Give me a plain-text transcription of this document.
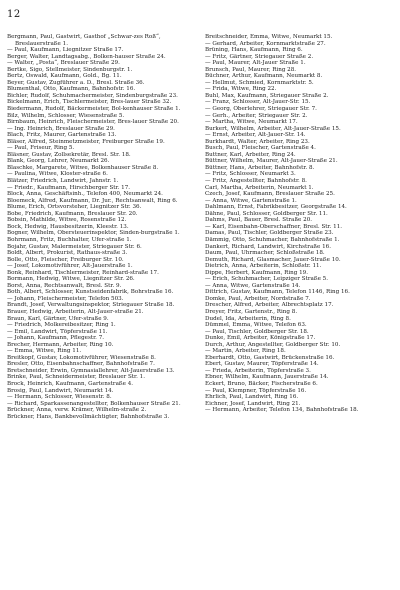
12
Bergmann, Paul, Gastwirt, Gasthof „Schwar-zes Roß“, Breslauerstraße 1.
— Paul, Kaufmann, Liegnitzer Straße 17.
Berger, Walter, Landtagsabg., Bolken-hauser Straße 24.
— Walter, „Posta“, Breslauer Straße 29.
Bertke, Sigo, Stellmeister, Sindenburgstr. 1.
Bertz, Oswald, Kaufmann, Gold., Bg. 11.
Beyer, Gustav, Zugführer a. D., Bresl. Straße 36.
Blumenthal, Otto, Kaufmann, Bahnhofstr. 16.
Bichler, Rudolf, Schuhmachermeister, Sindenburgstraße 23.
Bickelmann, Erich, Tischlermeister, Bres-lauer Straße 32.
Biedermann, Rudolf, Bäckermeister, Bol-kenhauser Straße 1.
Bilz, Wilhelm, Schlosser, Wiesenstraße 5.
Birnbaum, Heinrich, Fleischermeister, Bres-lauer Straße 20.
— Ing. Heinrich, Breslauer Straße 29.
Blach, Fritz, Maurer, Gartenstraße 13.
Bläser, Alfred, Steinmetzmeister, Freiburger Straße 19.
— Paul, Friseur, Ring 5.
Bläsner, Gustav, Zollsekretär, Bresl. Str. 18.
Blank, Georg, Lehrer, Neumarkt 26.
Blaschke, Margarete, Witwe, Bolkenhauser Straße 8.
— Paulina, Witwe, Kloster-straße 6.
Blätzer, Friedrich, Landwirt, Jahnstr. 1.
— Friedr., Kaufmann, Hirschberger Str. 17.
Block, Anna, Geschäftsinh., Telefon 400, Neumarkt 24.
Bloemeck, Alfred, Kaufmann, Dr. Jur., Rechtsanwalt, Ring 6.
Blume, Erich, Ortsvorsteher, Liegnitzer Str. 36.
Bobe, Friedrich, Kaufmann, Breslauer Str. 20.
Bobsin, Mathilde, Witwe, Rosenstraße 12.
Bock, Hedwig, Hausbesitzerin, Kleestr. 13.
Bogner, Wilhelm, Obersteuerinspektor, Sinden-burgstraße 1.
Bohrmann, Fritz, Buchhalter, Ufer-straße 1.
Bojahr, Gustav, Malermeister, Striegauer Str. 6.
Boldt, Albert, Prokurist, Rathaus-straße 3.
Bolle, Otto, Fleischer, Freiburger Str. 10.
— Josef, Lokomotivführer, Alt-Jauerstraße 1.
Bonk, Reinhard, Tischlermeister, Reinhard-straße 17.
Bormann, Hedwig, Witwe, Liegnitzer Str. 26.
Borst, Anna, Rechtsanwalt, Bresl. Str. 9.
Both, Albert, Schlosser, Kunstseidenfabrik, Bohrstraße 16.
— Johann, Fleischermeister, Telefon 503.
Brandt, Josef, Verwaltungsinspektor, Striegauer Straße 18.
Brauer, Hedwig, Arbeiterin, Alt-Jauer-straße 21.
Braun, Karl, Gärtner, Ufer-straße 9.
— Friedrich, Molkereibesitzer, Ring 1.
— Emil, Landwirt, Töpferstraße 11.
— Johann, Kaufmann, Pflegestr. 7.
Brecher, Hermann, Arbeiter, Ring 10.
— Emma, Witwe, Ring 11.
Breitkopf, Gustav, Lokomotivführer, Wiesenstraße 8.
Bresler, Otto, Eisenbahnschaffner, Bahnhofstraße 7.
Bretschneider, Erwin, Gymnasiallehrer, Alt-Jauerstraße 13.
Brinke, Paul, Schneidermeister, Breslauer Str. 1.
Brock, Heinrich, Kaufmann, Gartenstraße 4.
Brosig, Paul, Landwirt, Neumarkt 14.
— Hermann, Schlosser, Wiesenstr. 8.
— Richard, Sparkassenangestellter, Bolkenhauser Straße 21.
Brückner, Anna, verw. Krämer, Wilhelm-straße 2.
Brückner, Hans, Bankbevollmächtigter, Bahnhofstraße 3.
Breitschneider, Emma, Witwe, Neumarkt 15.
— Gerhard, Arbeiter, Kornmarktstraße 27.
Brüning, Hans, Kaufmann, Ring 6.
— Fritz, Gärtner, Striegauer Straße 2.
— Paul, Maurer, Alt-Jauer Straße 1.
Brunsch, Paul, Maurer, Ring 28.
Büchner, Arthur, Kaufmann, Neumarkt 8.
— Hellmut, Schmied, Kornmarktstr. 5.
— Frida, Witwe, Ring 22.
Buhl, Max, Kaufmann, Striegauer Straße 2.
— Franz, Schlosser, Alt-Jauer-Str. 15.
— Georg, Oberlehrer, Striegauer Str. 7.
— Gerh., Arbeiter, Striegauer Str. 2.
— Martha, Witwe, Neumarkt 17.
Burkert, Wilhelm, Arbeiter, Alt-Jauer-Straße 15.
— Ernst, Arbeiter, Alt-Jauer-Str. 14.
Burkhardt, Walter, Arbeiter, Ring 23.
Busch, Paul, Fleischer, Gartenstraße 4.
Buttner, Karl, Arbeiter, Ring 24.
Büttner, Wilhelm, Maurer, Alt-Jauer-Straße 21.
Büttner, Hans, Arbeiter, Bahnhofstr. 8.
— Fritz, Schlosser, Neumarkt 3.
— Fritz, Angestellter, Bahnhofstr. 8.
Carl, Martha, Arbeiterin, Neumarkt 1.
Czech, Josef, Kaufmann, Breslauer Straße 25.
— Anna, Witwe, Gartenstraße 1.
Dahlmann, Ernst, Fabrikbesitzer, Georgstraße 14.
Dähne, Paul, Schlosser, Goldberger Str. 11.
Dahms, Paul, Bauer, Bresl. Straße 20.
— Karl, Eisenbahn-Oberschaffner, Bresl. Str. 11.
Damas, Paul, Tischler, Goldberger Straße 23.
Dämmig, Otto, Schuhmacher, Bahnhofstraße 1.
Dankert, Richard, Landwirt, Kirchstraße 16.
Daum, Paul, Uhrmacher, Schloßstraße 18.
Demuth, Richard, Glasmacher, Jauer-Straße 10.
Dietrich, Anna, Arbeiterin, Schloßstr. 11.
Dippe, Herbert, Kaufmann, Ring 19.
— Erich, Schuhmacher, Leipziger Straße 5.
— Anna, Witwe, Gartenstraße 14.
Dittrich, Gustav, Kaufmann, Telefon 1146, Ring 16.
Domke, Paul, Arbeiter, Nordstraße 7.
Drescher, Alfred, Arbeiter, Albrechtsplatz 17.
Dreyer, Fritz, Gartenstr., Ring 8.
Dudel, Ida, Arbeiterin, Ring 8.
Dümmel, Emma, Witwe, Telefon 63.
— Paul, Tischler, Goldberger Str. 18.
Dunke, Emil, Arbeiter, Königstraße 17.
Durch, Arthur, Angestellter, Goldberger Str. 10.
— Martin, Arbeiter, Ring 18.
Eberhardt, Otto, Gastwirt, Brückenstraße 16.
Ebert, Gustav, Maurer, Töpferstraße 14.
— Frieda, Arbeiterin, Töpferstraße 3.
Ebner, Wilhelm, Kaufmann, Jauerstraße 14.
Eckert, Bruno, Bäcker, Fischerstraße 6.
— Paul, Klempner, Töpferstraße 16.
Ehrlich, Paul, Landwirt, Ring 16.
Eichner, Josef, Landwirt, Ring 21.
— Hermann, Arbeiter, Telefon 134, Bahnhofstraße 18.
